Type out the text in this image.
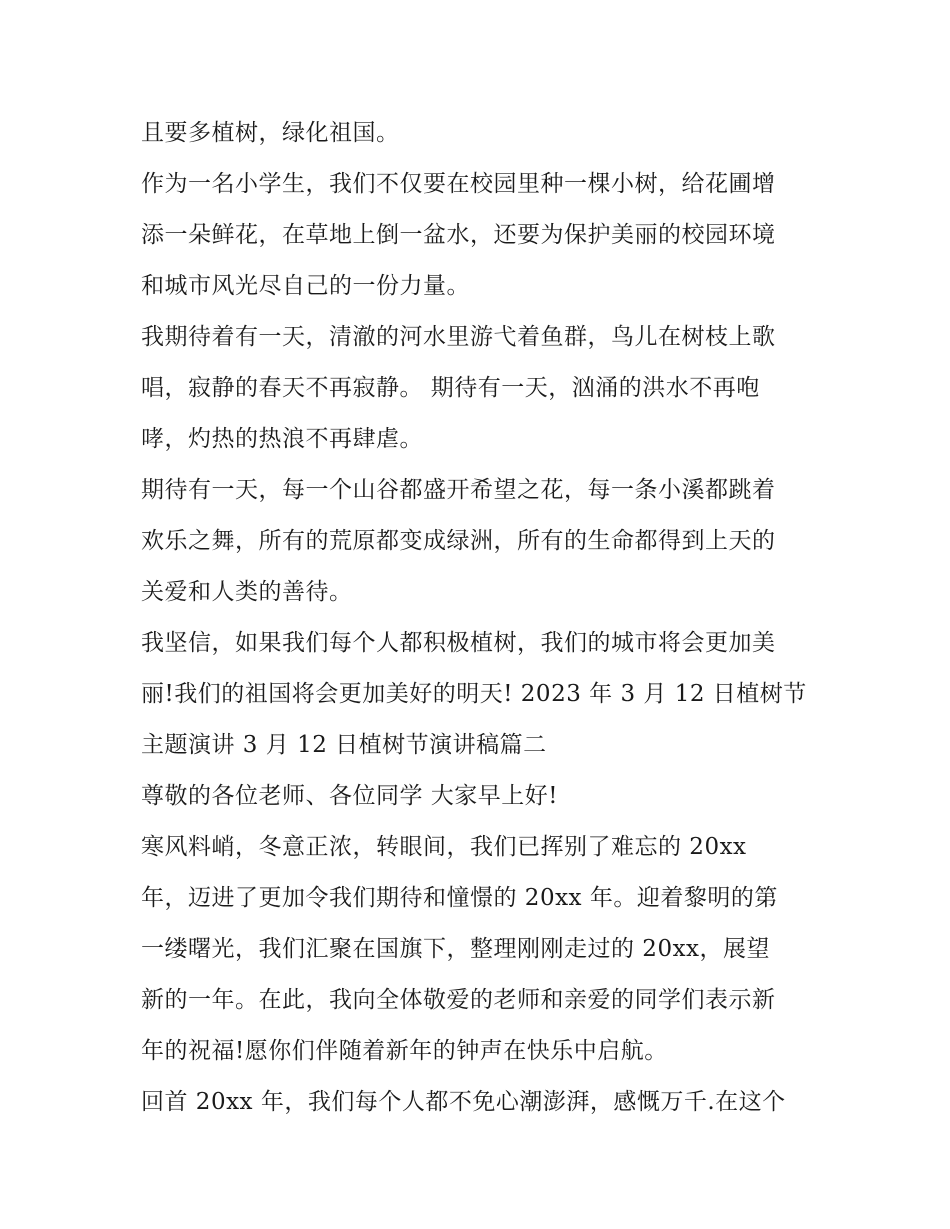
且要多植树，绿化祖国。
作为一名小学生，我们不仅要在校园里种一棵小树，给花圃增
添一朵鲜花，在草地上倒一盆水，还要为保护美丽的校园环境
和城市风光尽自己的一份力量。
我期待着有一天，清澈的河水里游弋着鱼群，鸟儿在树枝上歌
唱，寂静的春天不再寂静。 期待有一天，汹涌的洪水不再咆
哮，灼热的热浪不再肆虐。
期待有一天，每一个山谷都盛开希望之花，每一条小溪都跳着
欢乐之舞，所有的荒原都变成绿洲，所有的生命都得到上天的
关爱和人类的善待。
我坚信，如果我们每个人都积极植树，我们的城市将会更加美
丽!我们的祖国将会更加美好的明天! 2023 年 3 月 12 日植树节
主题演讲 3 月 12 日植树节演讲稿篇二
尊敬的各位老师、各位同学 大家早上好!
寒风料峭，冬意正浓，转眼间，我们已挥别了难忘的 20xx
年，迈进了更加令我们期待和憧憬的 20xx 年。迎着黎明的第
一缕曙光，我们汇聚在国旗下，整理刚刚走过的 20xx，展望
新的一年。在此，我向全体敬爱的老师和亲爱的同学们表示新
年的祝福!愿你们伴随着新年的钟声在快乐中启航。
回首 20xx 年，我们每个人都不免心潮澎湃，感慨万千.在这个
